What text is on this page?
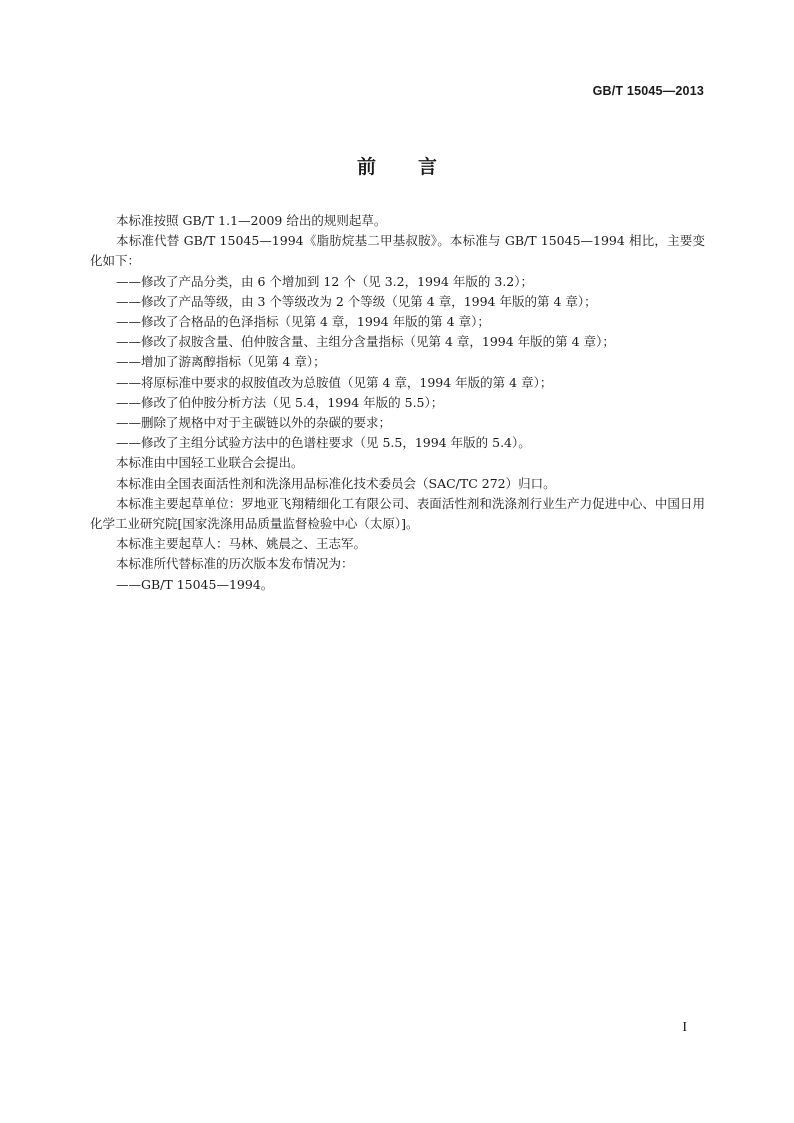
GB/T 15045—2013
前言

本标准按照 GB/T 1.1—2009 给出的规则起草。

本标准代替 GB/T 15045—1994《脂肪烷基二甲基叔胺》。本标准与 GB/T 15045—1994 相比，主要变化如下：

——修改了产品分类，由 6 个增加到 12 个（见 3.2，1994 年版的 3.2）；

——修改了产品等级，由 3 个等级改为 2 个等级（见第 4 章，1994 年版的第 4 章）；

——修改了合格品的色泽指标（见第 4 章，1994 年版的第 4 章）；

——修改了叔胺含量、伯仲胺含量、主组分含量指标（见第 4 章，1994 年版的第 4 章）；

——增加了游离醇指标（见第 4 章）；

——将原标准中要求的叔胺值改为总胺值（见第 4 章，1994 年版的第 4 章）；

——修改了伯仲胺分析方法（见 5.4，1994 年版的 5.5）；

——删除了规格中对于主碳链以外的杂碳的要求；

——修改了主组分试验方法中的色谱柱要求（见 5.5，1994 年版的 5.4）。

本标准由中国轻工业联合会提出。

本标准由全国表面活性剂和洗涤用品标准化技术委员会（SAC/TC 272）归口。

本标准主要起草单位：罗地亚飞翔精细化工有限公司、表面活性剂和洗涤剂行业生产力促进中心、中国日用化学工业研究院[国家洗涤用品质量监督检验中心（太原）]。

本标准主要起草人：马林、姚晨之、王志军。

本标准所代替标准的历次版本发布情况为：

——GB/T 15045—1994。

I
